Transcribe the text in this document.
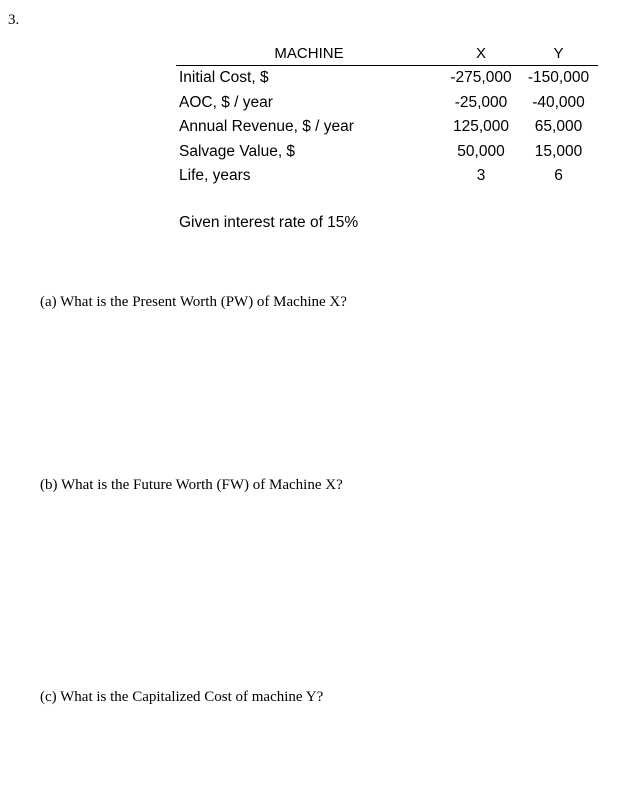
3.
MACHINE	X	Y
Initial Cost, $	-275,000	-150,000
AOC, $ / year	-25,000	-40,000
Annual Revenue, $ / year	125,000	65,000
Salvage Value, $	50,000	15,000
Life, years	3	6
Given interest rate of 15%
(a) What is the Present Worth (PW) of Machine X?
(b) What is the Future Worth (FW) of Machine X?
(c) What is the Capitalized Cost of machine Y?
